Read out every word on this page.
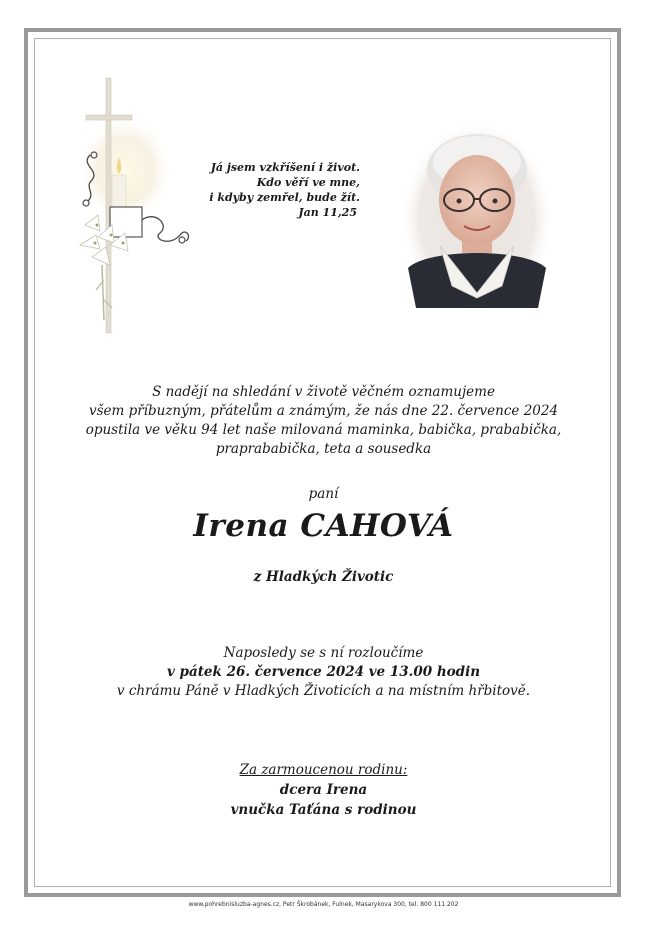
Já jsem vzkříšení i život.
Kdo věří ve mne,
i kdyby zemřel, bude žít.
Jan 11,25
S nadějí na shledání v životě věčném oznamujeme
všem příbuzným, přátelům a známým, že nás dne 22. července 2024
opustila ve věku 94 let naše milovaná maminka, babička, prababička,
praprababička, teta a sousedka
paní
Irena CAHOVÁ
z Hladkých Životic
Naposledy se s ní rozloučíme
v pátek 26. července 2024 ve 13.00 hodin
v chrámu Páně v Hladkých Životicích a na místním hřbitově.
Za zarmoucenou rodinu:
dcera Irena
vnučka Taťána s rodinou
www.pohrebnisluzba-agnes.cz, Petr Škrobánek, Fulnek, Masarykova 300, tel. 800 111 202
